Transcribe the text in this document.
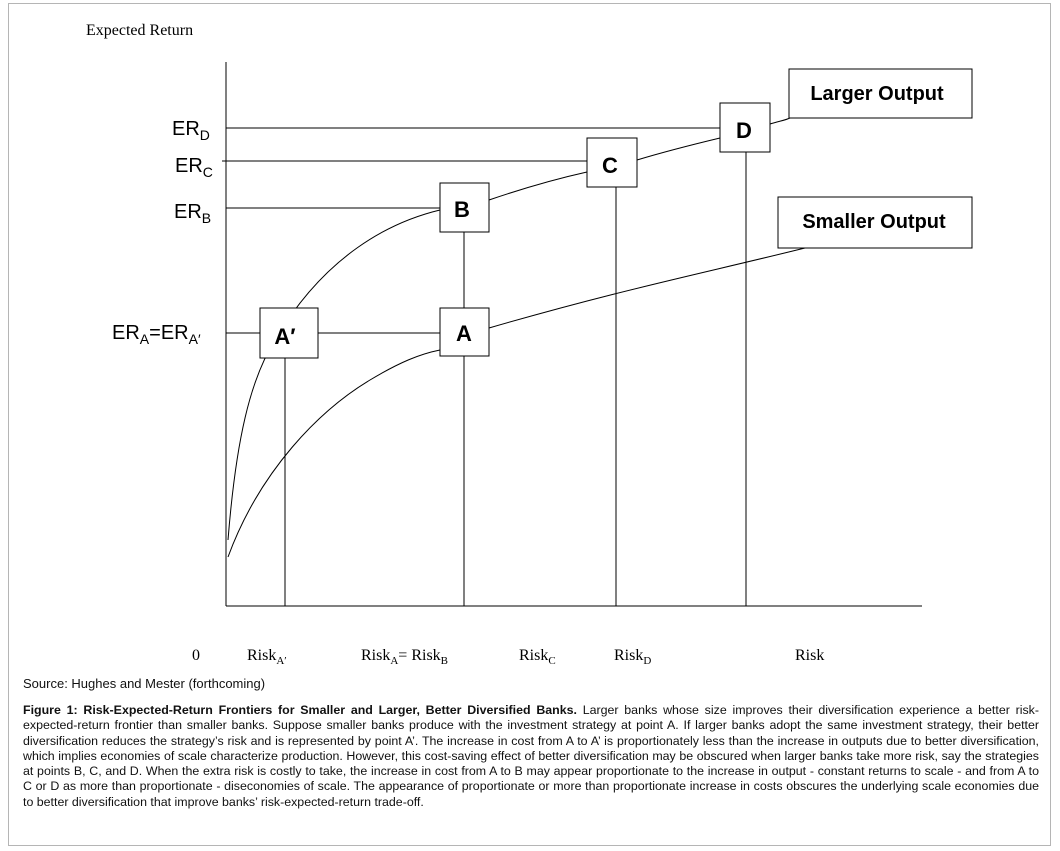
A′	A
B
C
D
Larger Output
Smaller Output
Expected Return
$ER_D$
$ER_C$
$ER_B$
$ER_A=ER_{A'}$
0	Risk$_{A'}$	Risk$_A$= Risk$_B$	Risk$_C$	Risk$_D$	Risk
Source: Hughes and Mester (forthcoming)
Figure 1: Risk-Expected-Return Frontiers for Smaller and Larger, Better Diversified Banks. Larger banks whose size improves their diversification experience a better risk-expected-return frontier than smaller banks. Suppose smaller banks produce with the investment strategy at point A. If larger banks adopt the same investment strategy, their better diversification reduces the strategy’s risk and is represented by point A’. The increase in cost from A to A’ is proportionately less than the increase in outputs due to better diversification, which implies economies of scale characterize production. However, this cost-saving effect of better diversification may be obscured when larger banks take more risk, say the strategies at points B, C, and D. When the extra risk is costly to take, the increase in cost from A to B may appear proportionate to the increase in output - constant returns to scale - and from A to C or D as more than proportionate - diseconomies of scale. The appearance of proportionate or more than proportionate increase in costs obscures the underlying scale economies due to better diversification that improve banks’ risk-expected-return trade-off.
